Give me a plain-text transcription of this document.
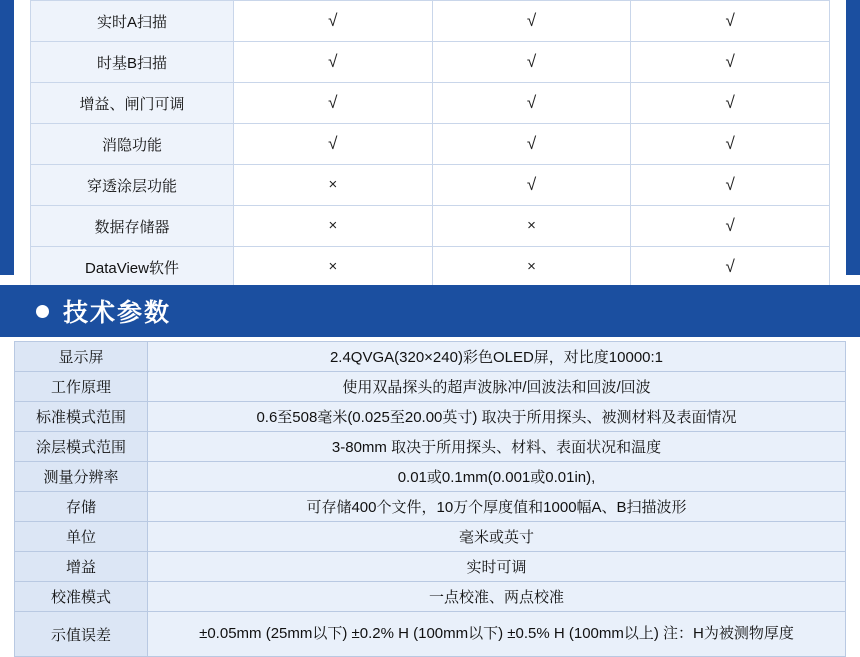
实时A扫描	√	√	√
时基B扫描	√	√	√
增益、闸门可调	√	√	√
消隐功能	√	√	√
穿透涂层功能	×	√	√
数据存储器	×	×	√
DataView软件	×	×	√
技术参数
显示屏	2.4QVGA(320×240)彩色OLED屏，对比度10000:1
工作原理	使用双晶探头的超声波脉冲/回波法和回波/回波
标准模式范围	0.6至508毫米(0.025至20.00英寸) 取决于所用探头、被测材料及表面情况
涂层模式范围	3-80mm 取决于所用探头、材料、表面状况和温度
测量分辨率	0.01或0.1mm(0.001或0.01in),
存储	可存储400个文件，10万个厚度值和1000幅A、B扫描波形
单位	毫米或英寸
增益	实时可调
校准模式	一点校准、两点校准
示值误差	±0.05mm (25mm以下) ±0.2% H (100mm以下) ±0.5% H (100mm以上) 注：H为被测物厚度
